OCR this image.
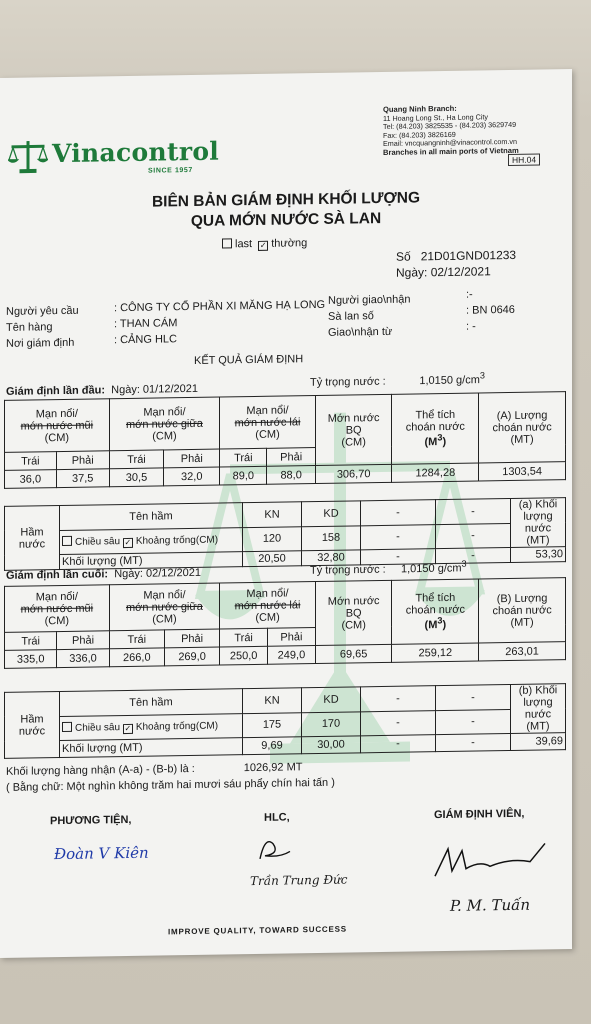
Vinacontrol
SINCE 1957
Quang Ninh Branch:
11 Hoang Long St., Ha Long City
Tel: (84.203) 3825535 - (84.203) 3629749
Fax: (84.203) 3826169
Email: vncquangninh@vinacontrol.com.vn
Branches in all main ports of Vietnam
HH.04
BIÊN BẢN GIÁM ĐỊNH KHỐI LƯỢNG
QUA MỚN NƯỚC SÀ LAN
last ✓ thường
Số 21D01GND01233
Ngày: 02/12/2021
Người yêu cầu	: CÔNG TY CỔ PHẦN XI MĂNG HẠ LONG
Tên hàng	: THAN CÁM
Nơi giám định	: CẢNG HLC
Người giao\nhận	:-
Sà lan số	: BN 0646
Giao\nhận từ	: -
KẾT QUẢ GIÁM ĐỊNH
Giám định lần đầu: Ngày: 01/12/2021
Tỷ trọng nước :	1,0150 $g/cm^3$
Mạn nổi/
mớn nước mũi
(CM)		Mạn nổi/
mớn nước giữa
(CM)		Mạn nổi/
mớn nước lái
(CM)		Mớn nước
BQ
(CM)	Thể tích
choán nước
$(M^3)$	(A) Lượng
choán nước
(MT)
Trái	Phải	Trái	Phải	Trái	Phải			
36,0	37,5	30,5	32,0	89,0	88,0	306,70	1284,28	1303,54
Hầm
nước	Tên hầm	KN	KD	-	-	(a) Khối lượng
nước (MT)
	Chiều sâu ✓ Khoảng trống(CM)	120	158	-	-	
	Khối lượng (MT)	20,50	32,80	-	-	53,30
Giám định lần cuối: Ngày: 02/12/2021	Tỷ trọng nước : 1,0150 $g/cm^3$
Mạn nổi/
mớn nước mũi
(CM)		Mạn nổi/
mớn nước giữa
(CM)		Mạn nổi/
mớn nước lái
(CM)		Mớn nước
BQ
(CM)	Thể tích
choán nước
$(M^3)$	(B) Lượng
choán nước
(MT)
Trái	Phải	Trái	Phải	Trái	Phải			
335,0	336,0	266,0	269,0	250,0	249,0	69,65	259,12	263,01
Hầm
nước	Tên hầm	KN	KD	-	-	(b) Khối lượng
nước (MT)
	Chiều sâu ✓ Khoảng trống(CM)	175	170	-	-	
	Khối lượng (MT)	9,69	30,00	-	-	39,69
Khối lượng hàng nhận (A-a) - (B-b) là :	1026,92 MT
( Bằng chữ: Một nghìn không trăm hai mươi sáu phẩy chín hai tấn )
PHƯƠNG TIỆN,	HLC,	GIÁM ĐỊNH VIÊN,
Đoàn V Kiên
Trần Trung Đức
P. M. Tuấn
IMPROVE QUALITY, TOWARD SUCCESS
